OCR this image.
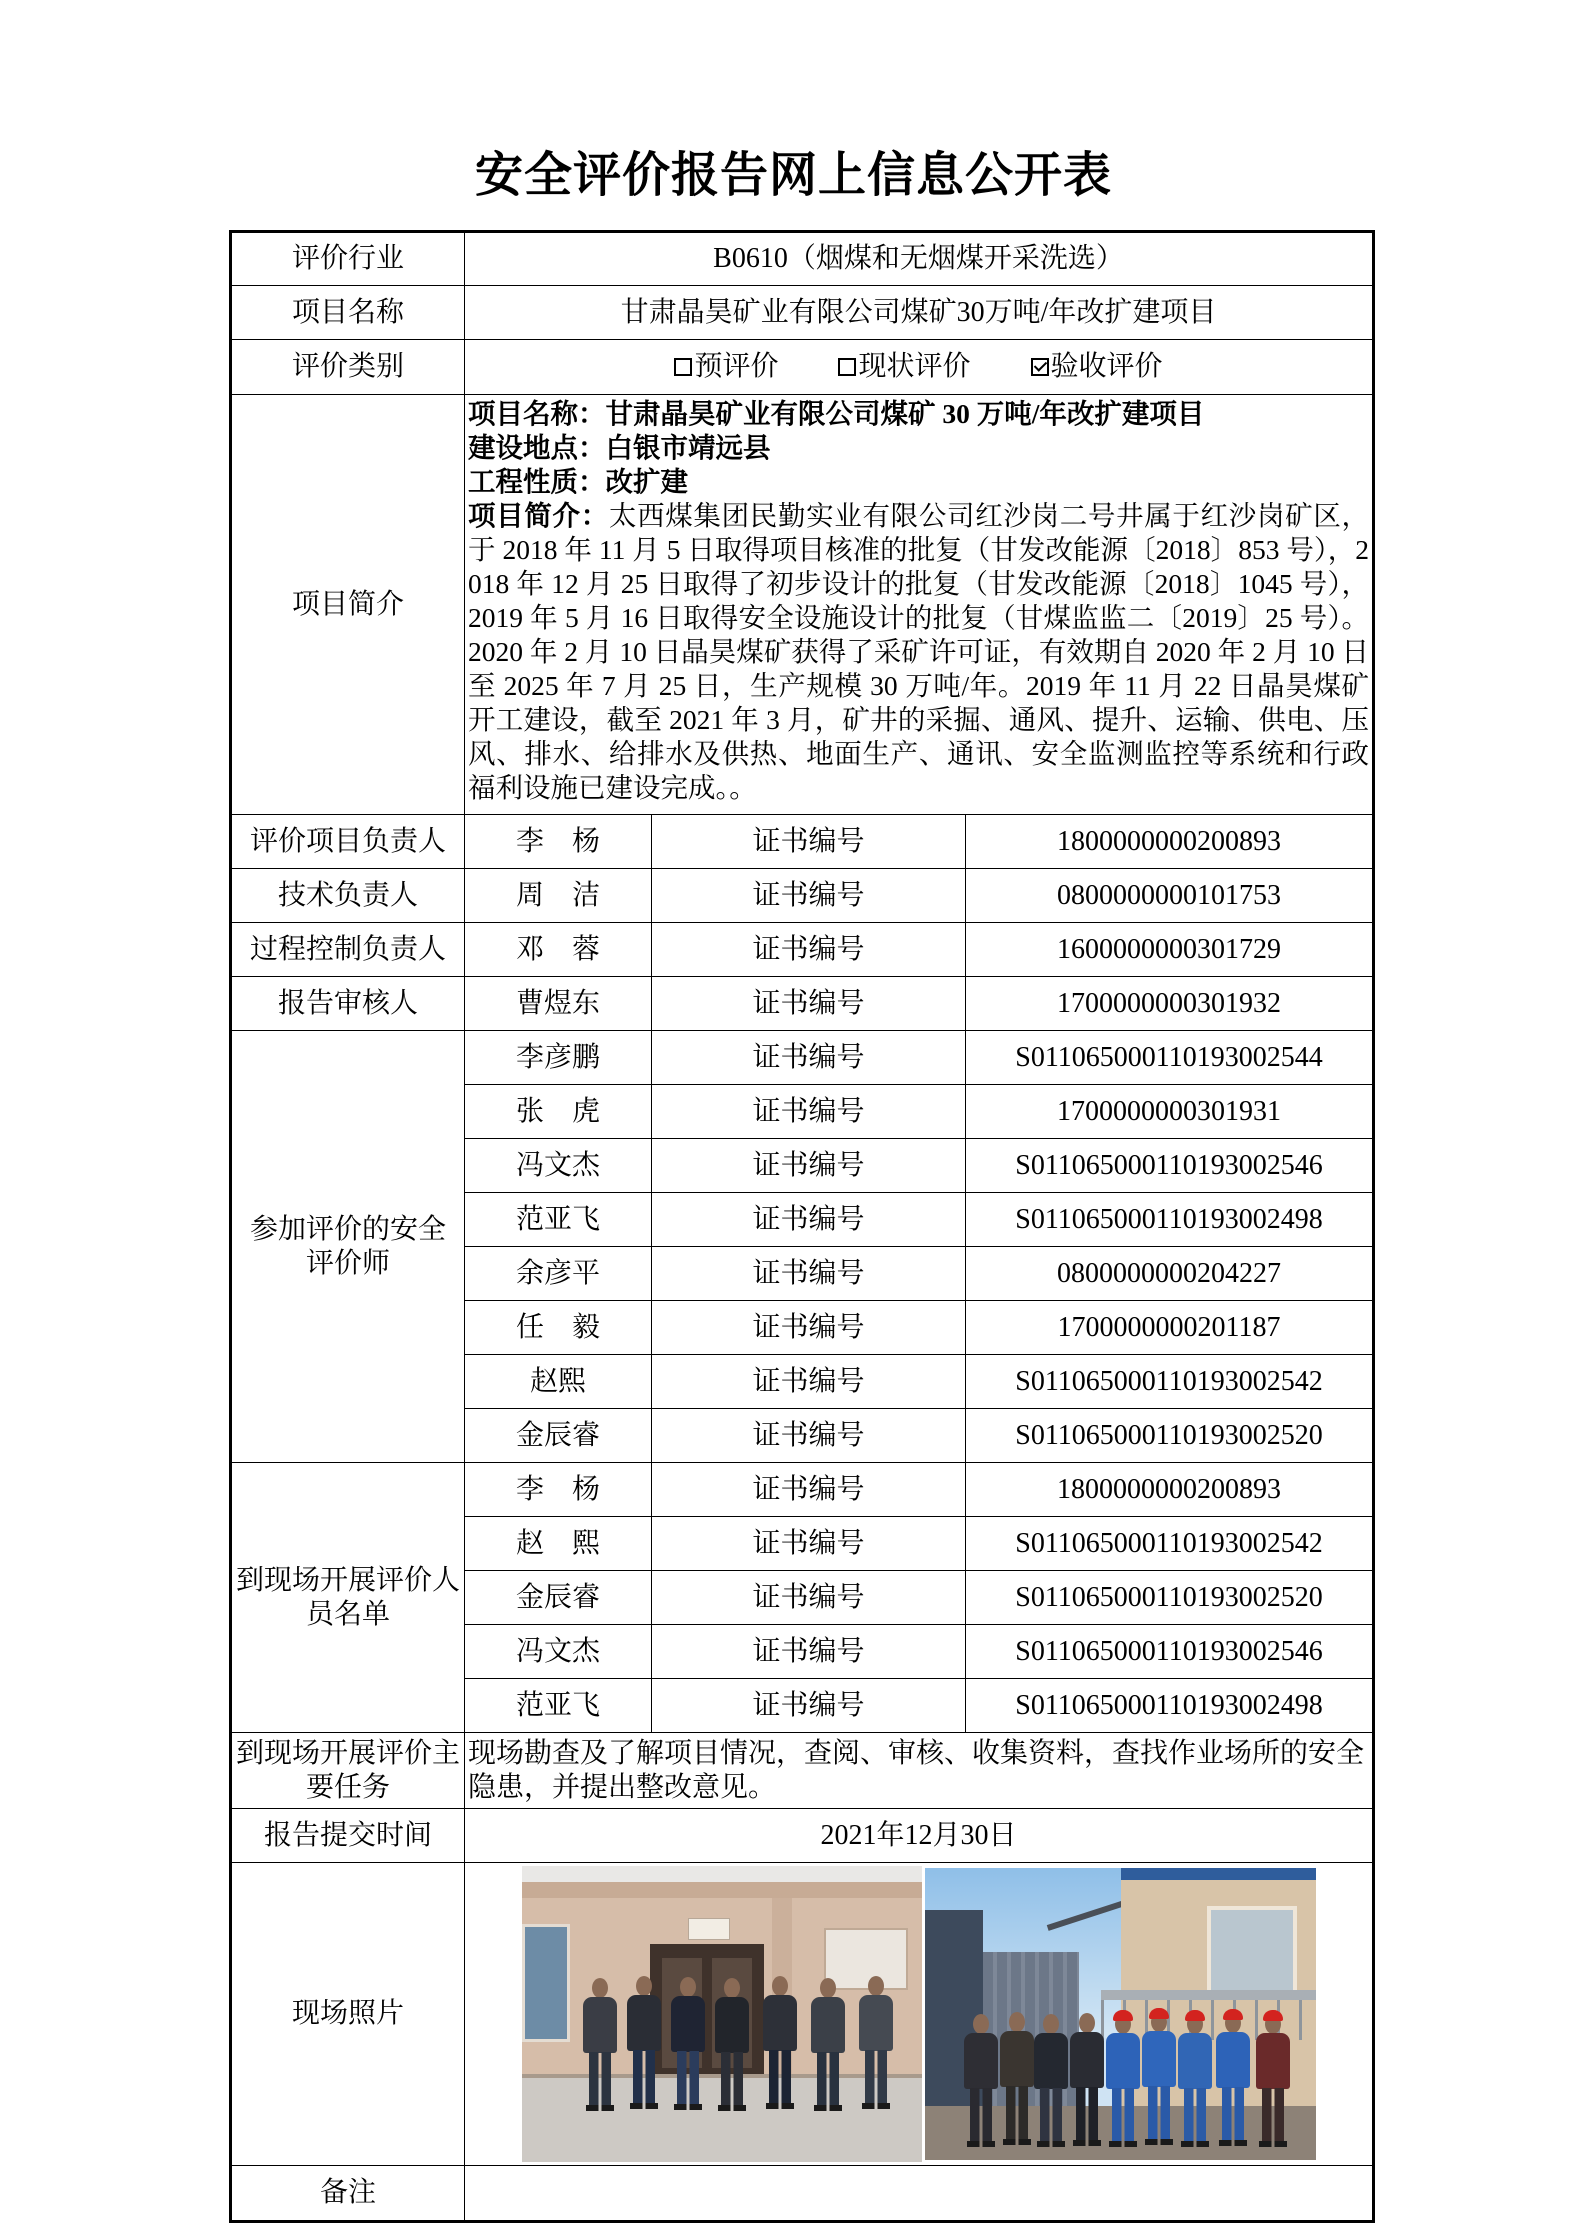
安全评价报告网上信息公开表
评价行业	B0610（烟煤和无烟煤开采洗选）		
项目名称	甘肃晶昊矿业有限公司煤矿30万吨/年改扩建项目		
评价类别	预评价 现状评价 验收评价		

项目简介	项目名称：甘肃晶昊矿业有限公司煤矿 30 万吨/年改扩建项目
建设地点：白银市靖远县
工程性质：改扩建
项目简介：太西煤集团民勤实业有限公司红沙岗二号井属于红沙岗矿区，于 2018 年 11 月 5 日取得项目核准的批复（甘发改能源〔2018〕853 号），2018 年 12 月 25 日取得了初步设计的批复（甘发改能源〔2018〕1045 号），2019 年 5 月 16 日取得安全设施设计的批复（甘煤监监二〔2019〕25 号）。2020 年 2 月 10 日晶昊煤矿获得了采矿许可证，有效期自 2020 年 2 月 10 日至 2025 年 7 月 25 日，生产规模 30 万吨/年。2019 年 11 月 22 日晶昊煤矿开工建设，截至 2021 年 3 月，矿井的采掘、通风、提升、运输、供电、压风、排水、给排水及供热、地面生产、通讯、安全监测监控等系统和行政福利设施已建设完成。。		

评价项目负责人	李　杨	证书编号	1800000000200893
技术负责人	周　洁	证书编号	0800000000101753
过程控制负责人	邓　蓉	证书编号	1600000000301729
报告审核人	曹煜东	证书编号	1700000000301932
参加评价的安全评价师	李彦鹏	证书编号	S011065000110193002544
	张　虎	证书编号	1700000000301931
	冯文杰	证书编号	S011065000110193002546
	范亚飞	证书编号	S011065000110193002498
	余彦平	证书编号	0800000000204227
	任　毅	证书编号	1700000000201187
	赵熙	证书编号	S011065000110193002542
	金辰睿	证书编号	S011065000110193002520
到现场开展评价人员名单	李　杨	证书编号	1800000000200893
	赵　熙	证书编号	S011065000110193002542
	金辰睿	证书编号	S011065000110193002520
	冯文杰	证书编号	S011065000110193002546
	范亚飞	证书编号	S011065000110193002498
到现场开展评价主要任务	现场勘查及了解项目情况，查阅、审核、收集资料，查找作业场所的安全隐患，并提出整改意见。		
报告提交时间	2021年12月30日		
现场照片			

备注			
